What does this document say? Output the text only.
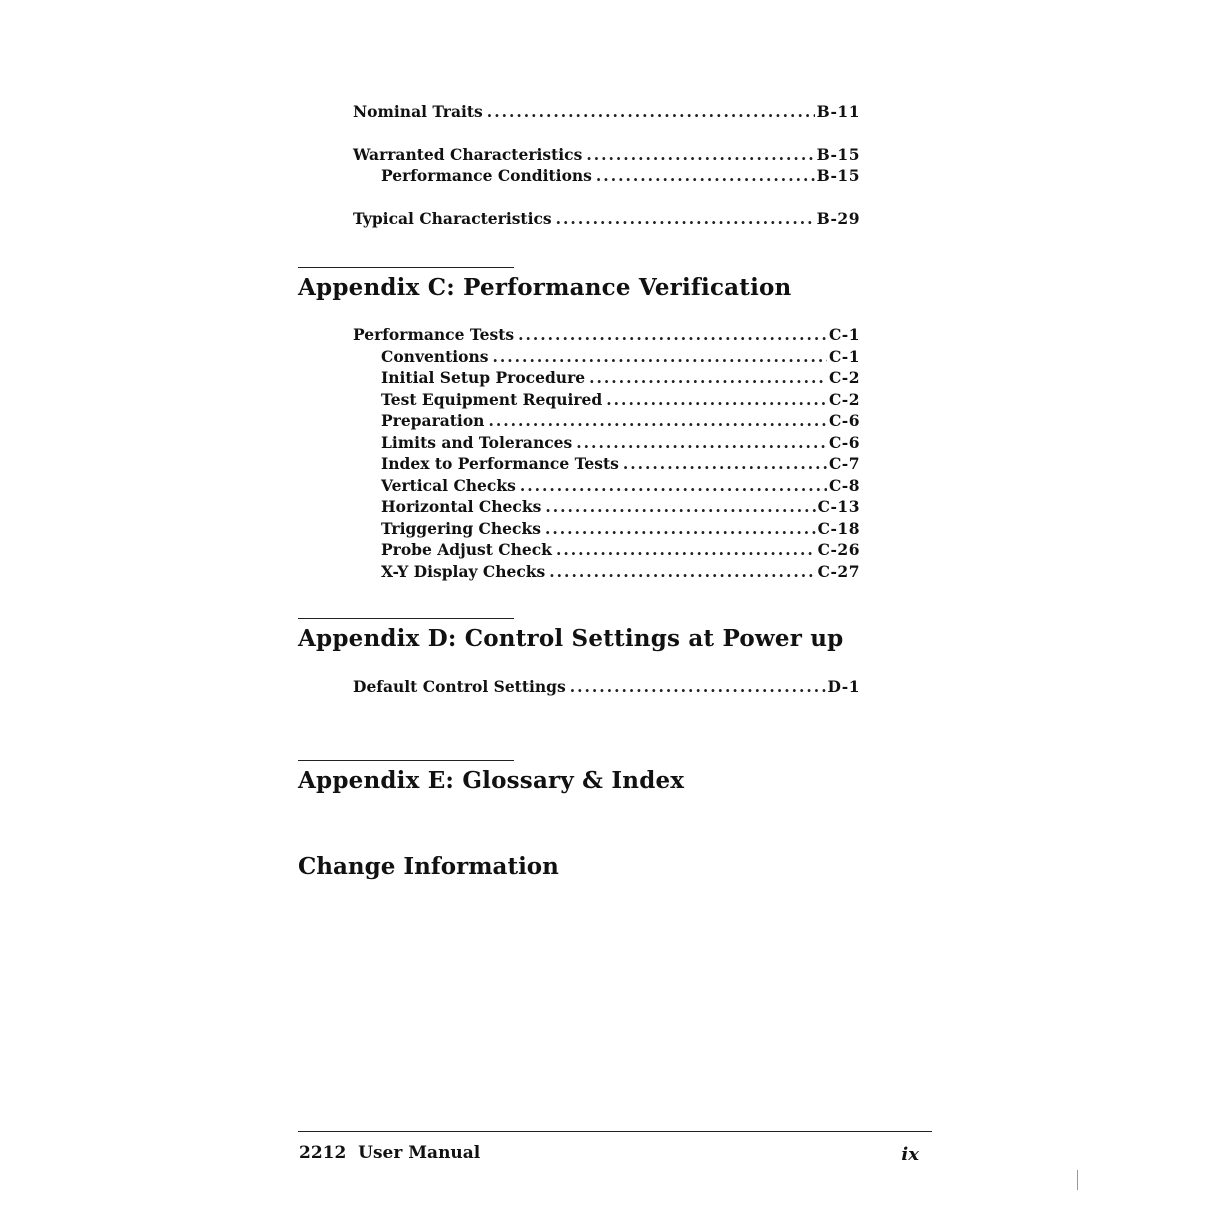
Nominal Traits .....	B-11
Warranted Characteristics .....	B-15
Performance Conditions .....	B-15
Typical Characteristics .....	B-29
Appendix C: Performance Verification
Performance Tests .....	C-1
Conventions .....	C-1
Initial Setup Procedure .....	C-2
Test Equipment Required .....	C-2
Preparation .....	C-6
Limits and Tolerances .....	C-6
Index to Performance Tests .....	C-7
Vertical Checks .....	C-8
Horizontal Checks .....	C-13
Triggering Checks .....	C-18
Probe Adjust Check .....	C-26
X-Y Display Checks .....	C-27
Appendix D: Control Settings at Power up
Default Control Settings .....	D-1
Appendix E: Glossary & Index
Change Information
2212  User Manual	ix
